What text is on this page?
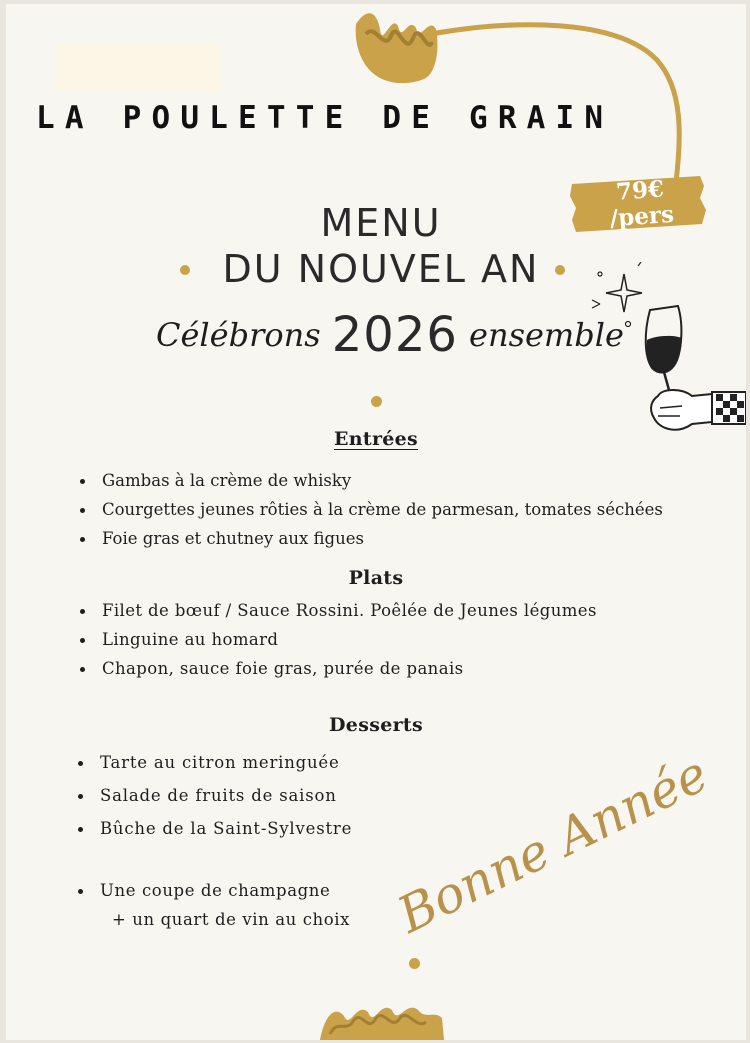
LA POULETTE DE GRAIN
79€
/pers
MENU
DU NOUVEL AN
Célébrons 2026 ensemble
Entrées
Gambas à la crème de whisky
Courgettes jeunes rôties à la crème de parmesan, tomates séchées
Foie gras et chutney aux figues
Plats
Filet de bœuf / Sauce Rossini. Poêlée de Jeunes légumes
Linguine au homard
Chapon, sauce foie gras, purée de panais
Desserts
Tarte au citron meringuée
Salade de fruits de saison
Bûche de la Saint-Sylvestre
Une coupe de champagne
+ un quart de vin au choix Bonne Année
